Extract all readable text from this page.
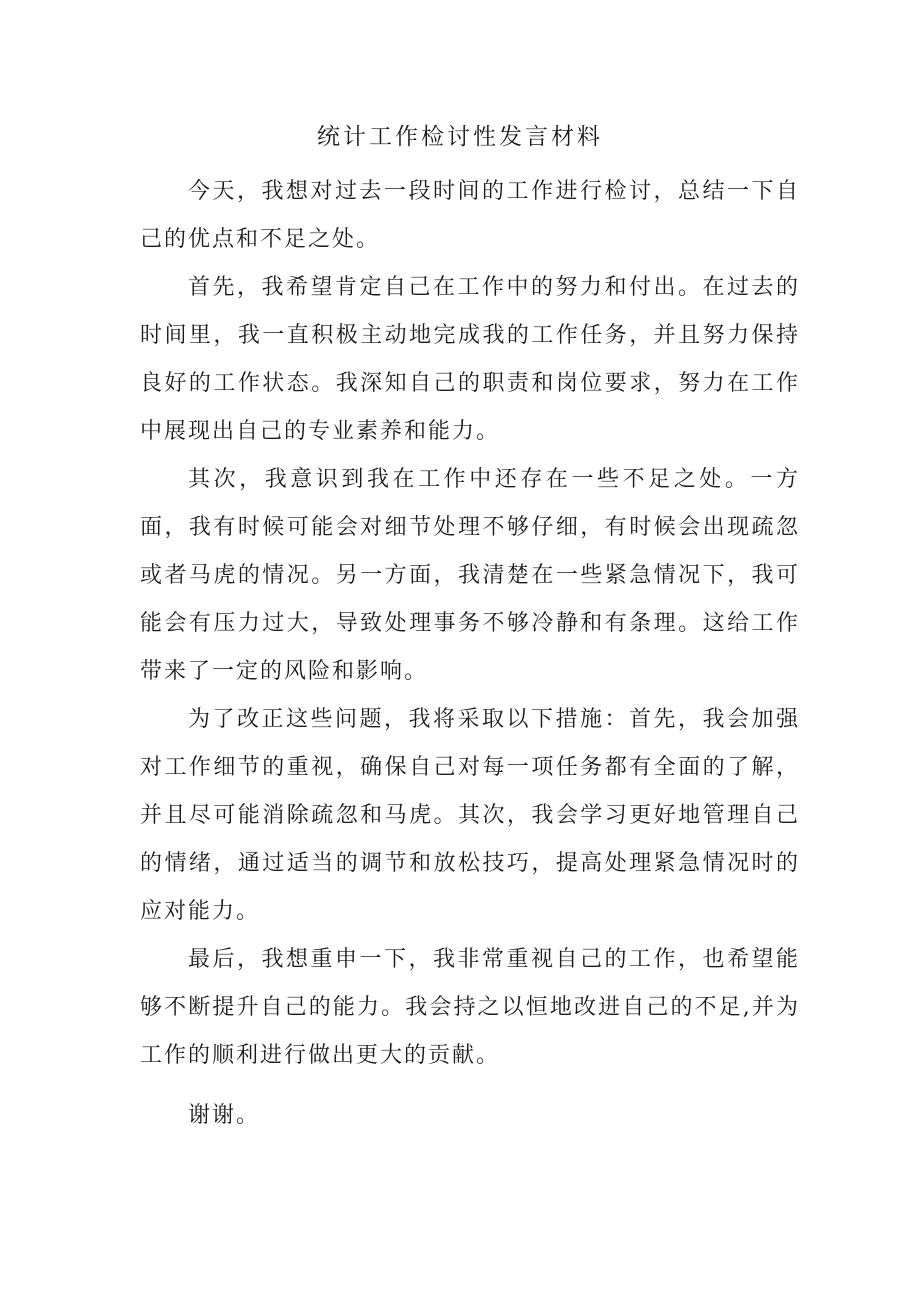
统计工作检讨性发言材料

今天，我想对过去一段时间的工作进行检讨，总结一下自己的优点和不足之处。

首先，我希望肯定自己在工作中的努力和付出。在过去的时间里，我一直积极主动地完成我的工作任务，并且努力保持良好的工作状态。我深知自己的职责和岗位要求，努力在工作中展现出自己的专业素养和能力。

其次，我意识到我在工作中还存在一些不足之处。一方面，我有时候可能会对细节处理不够仔细，有时候会出现疏忽或者马虎的情况。另一方面，我清楚在一些紧急情况下，我可能会有压力过大，导致处理事务不够冷静和有条理。这给工作带来了一定的风险和影响。

为了改正这些问题，我将采取以下措施：首先，我会加强对工作细节的重视，确保自己对每一项任务都有全面的了解，并且尽可能消除疏忽和马虎。其次，我会学习更好地管理自己的情绪，通过适当的调节和放松技巧，提高处理紧急情况时的应对能力。

最后，我想重申一下，我非常重视自己的工作，也希望能够不断提升自己的能力。我会持之以恒地改进自己的不足,并为工作的顺利进行做出更大的贡献。

谢谢。
